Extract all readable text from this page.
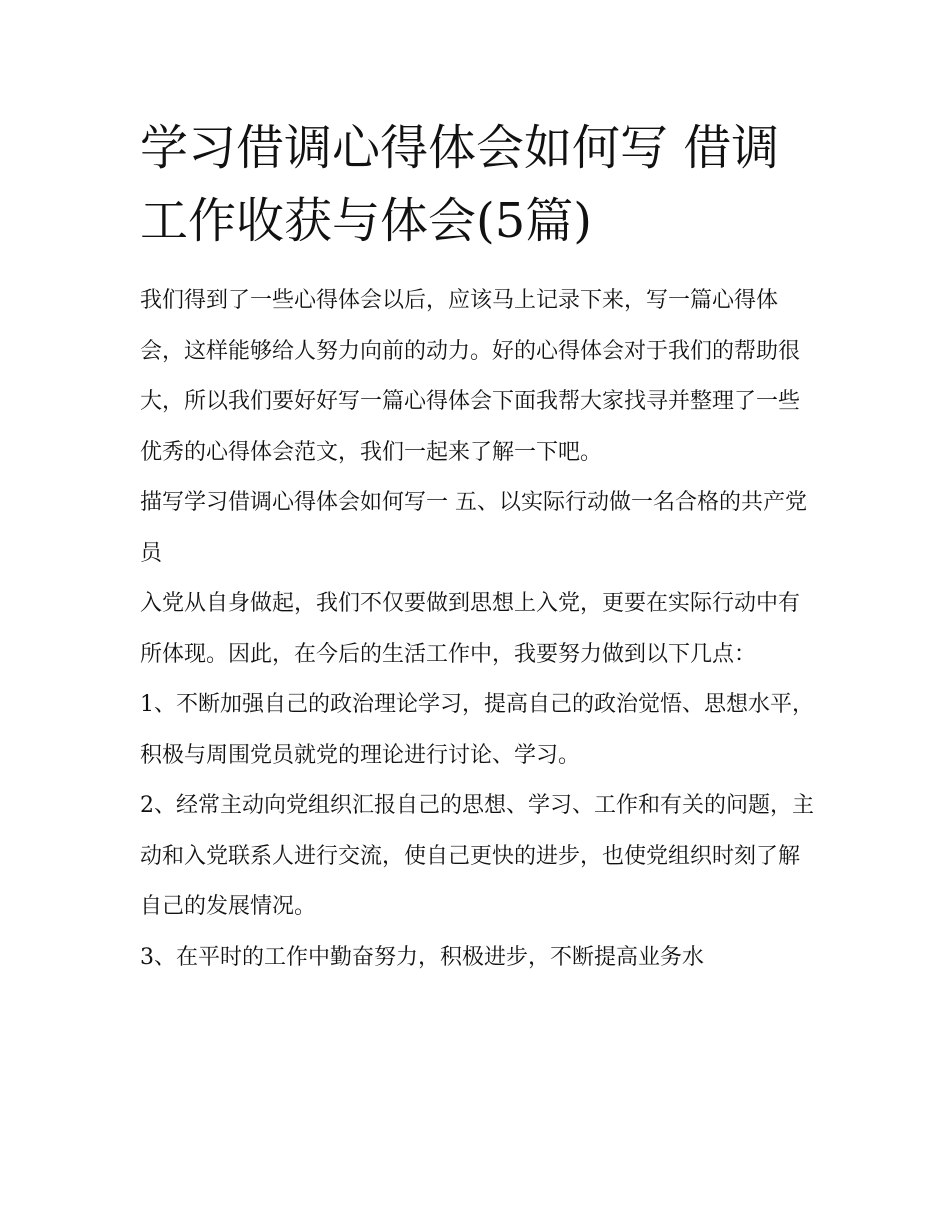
学习借调心得体会如何写 借调工作收获与体会(5篇)

我们得到了一些心得体会以后，应该马上记录下来，写一篇心得体会，这样能够给人努力向前的动力。好的心得体会对于我们的帮助很大，所以我们要好好写一篇心得体会下面我帮大家找寻并整理了一些优秀的心得体会范文，我们一起来了解一下吧。

描写学习借调心得体会如何写一 五、以实际行动做一名合格的共产党员

入党从自身做起，我们不仅要做到思想上入党，更要在实际行动中有所体现。因此，在今后的生活工作中，我要努力做到以下几点：

1、不断加强自己的政治理论学习，提高自己的政治觉悟、思想水平，积极与周围党员就党的理论进行讨论、学习。

2、经常主动向党组织汇报自己的思想、学习、工作和有关的问题，主动和入党联系人进行交流，使自己更快的进步，也使党组织时刻了解自己的发展情况。

3、在平时的工作中勤奋努力，积极进步，不断提高业务水
